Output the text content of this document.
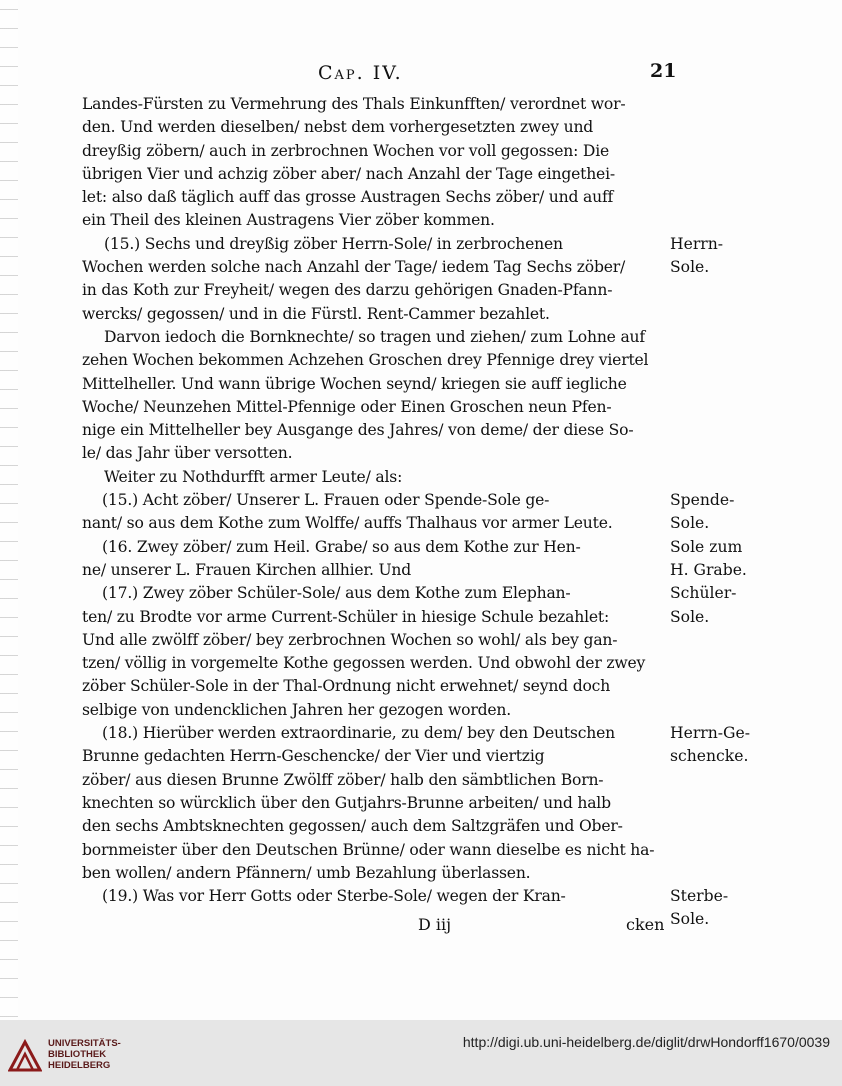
Cap. IV.	21
Landes-Fürsten zu Vermehrung des Thals Einkunfften/ verordnet wor-
den. Und werden dieselben/ nebst dem vorhergesetzten zwey und
dreyßig zöbern/ auch in zerbrochnen Wochen vor voll gegossen: Die
übrigen Vier und achzig zöber aber/ nach Anzahl der Tage eingethei-
let: also daß täglich auff das grosse Austragen Sechs zöber/ und auff
ein Theil des kleinen Austragens Vier zöber kommen.
(15.) Sechs und dreyßig zöber Herrn-Sole/ in zerbrochenen
Wochen werden solche nach Anzahl der Tage/ iedem Tag Sechs zöber/
in das Koth zur Freyheit/ wegen des darzu gehörigen Gnaden-Pfann-
wercks/ gegossen/ und in die Fürstl. Rent-Cammer bezahlet.
Darvon iedoch die Bornknechte/ so tragen und ziehen/ zum Lohne auf
zehen Wochen bekommen Achzehen Groschen drey Pfennige drey viertel
Mittelheller. Und wann übrige Wochen seynd/ kriegen sie auff iegliche
Woche/ Neunzehen Mittel-Pfennige oder Einen Groschen neun Pfen-
nige ein Mittelheller bey Ausgange des Jahres/ von deme/ der diese So-
le/ das Jahr über versotten.
Weiter zu Nothdurfft armer Leute/ als:
(15.) Acht zöber/ Unserer L. Frauen oder Spende-Sole ge-
nant/ so aus dem Kothe zum Wolffe/ auffs Thalhaus vor armer Leute.
(16. Zwey zöber/ zum Heil. Grabe/ so aus dem Kothe zur Hen-
ne/ unserer L. Frauen Kirchen allhier. Und
(17.) Zwey zöber Schüler-Sole/ aus dem Kothe zum Elephan-
ten/ zu Brodte vor arme Current-Schüler in hiesige Schule bezahlet:
Und alle zwölff zöber/ bey zerbrochnen Wochen so wohl/ als bey gan-
tzen/ völlig in vorgemelte Kothe gegossen werden. Und obwohl der zwey
zöber Schüler-Sole in der Thal-Ordnung nicht erwehnet/ seynd doch
selbige von undencklichen Jahren her gezogen worden.
(18.) Hierüber werden extraordinarie, zu dem/ bey den Deutschen
Brunne gedachten Herrn-Geschencke/ der Vier und viertzig
zöber/ aus diesen Brunne Zwölff zöber/ halb den sämbtlichen Born-
knechten so würcklich über den Gutjahrs-Brunne arbeiten/ und halb
den sechs Ambtsknechten gegossen/ auch dem Saltzgräfen und Ober-
bornmeister über den Deutschen Brünne/ oder wann dieselbe es nicht ha-
ben wollen/ andern Pfännern/ umb Bezahlung überlassen.
(19.) Was vor Herr Gotts oder Sterbe-Sole/ wegen der Kran-
Herrn-
Sole.
Spende-
Sole.
Sole zum
H. Grabe.
Schüler-
Sole.
Herrn-Ge-
schencke.
Sterbe-
Sole.
D iij	cken
UNIVERSITÄTS-
BIBLIOTHEK
HEIDELBERG
http://digi.ub.uni-heidelberg.de/diglit/drwHondorff1670/0039
